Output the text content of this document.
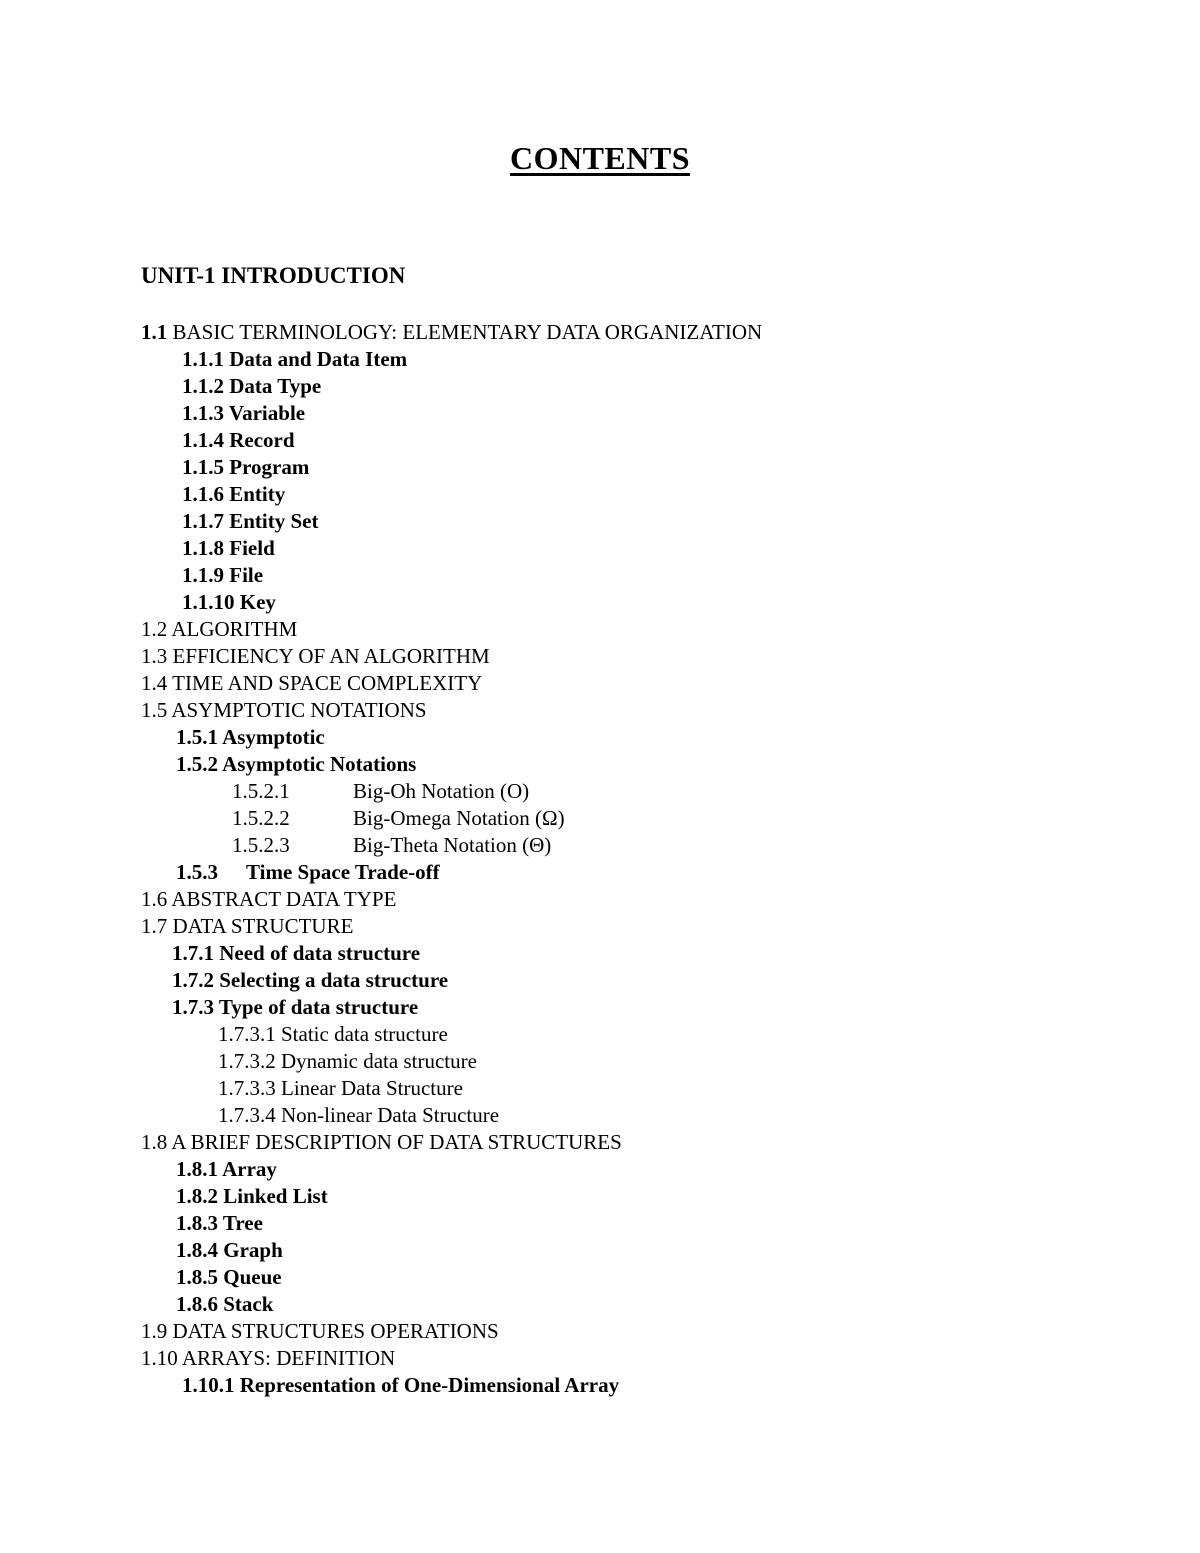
CONTENTS
UNIT-1 INTRODUCTION
1.1 BASIC TERMINOLOGY: ELEMENTARY DATA ORGANIZATION
1.1.1 Data and Data Item
1.1.2 Data Type
1.1.3 Variable
1.1.4 Record
1.1.5 Program
1.1.6 Entity
1.1.7 Entity Set
1.1.8 Field
1.1.9 File
1.1.10 Key
1.2 ALGORITHM
1.3 EFFICIENCY OF AN ALGORITHM
1.4 TIME AND SPACE COMPLEXITY
1.5 ASYMPTOTIC NOTATIONS
1.5.1 Asymptotic
1.5.2 Asymptotic Notations
1.5.2.1	Big-Oh Notation (O)
1.5.2.2	Big-Omega Notation (Ω)
1.5.2.3	Big-Theta Notation (Θ)
1.5.3 Time Space Trade-off
1.6 ABSTRACT DATA TYPE
1.7 DATA STRUCTURE
1.7.1 Need of data structure
1.7.2 Selecting a data structure
1.7.3 Type of data structure
1.7.3.1 Static data structure
1.7.3.2 Dynamic data structure
1.7.3.3 Linear Data Structure
1.7.3.4 Non-linear Data Structure
1.8 A BRIEF DESCRIPTION OF DATA STRUCTURES
1.8.1 Array
1.8.2 Linked List
1.8.3 Tree
1.8.4 Graph
1.8.5 Queue
1.8.6 Stack
1.9 DATA STRUCTURES OPERATIONS
1.10 ARRAYS: DEFINITION
1.10.1 Representation of One-Dimensional Array
